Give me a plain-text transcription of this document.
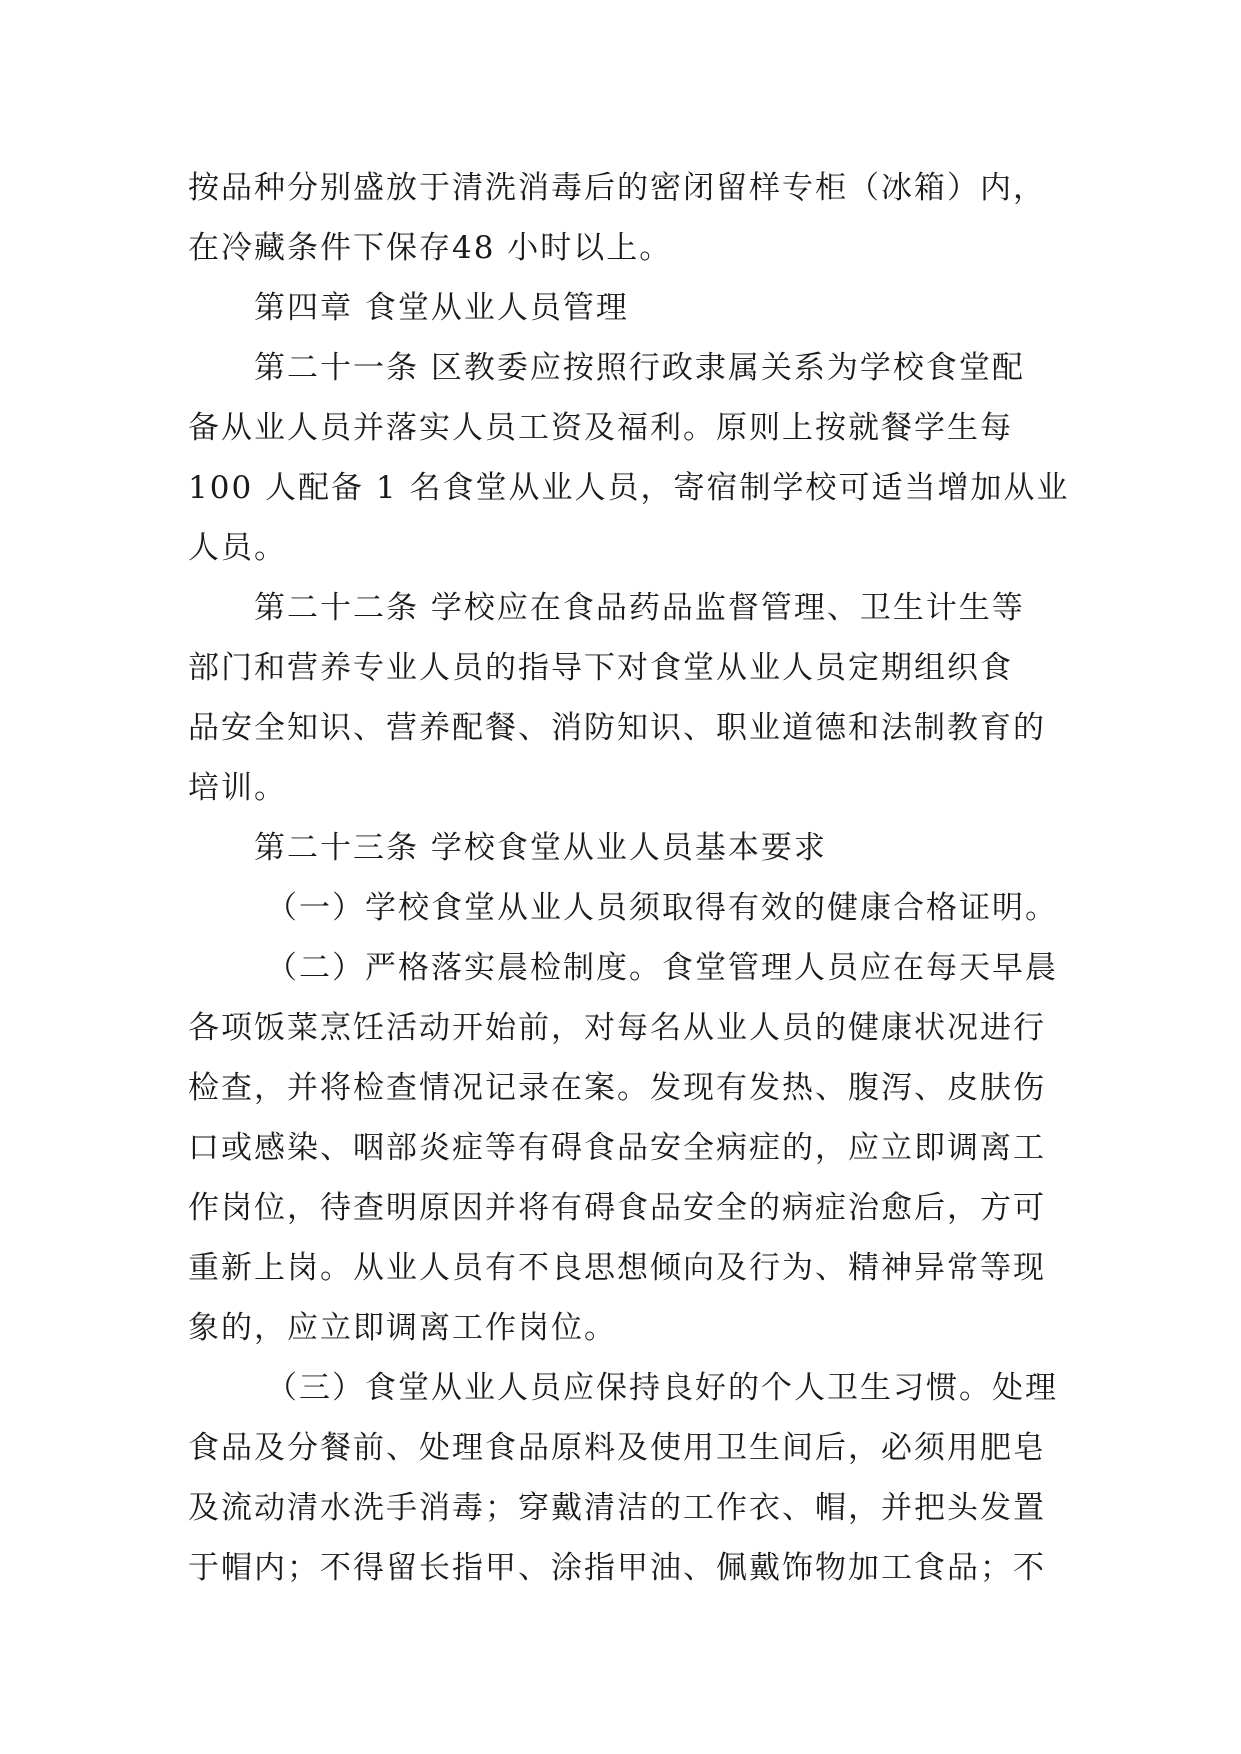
按品种分别盛放于清洗消毒后的密闭留样专柜（冰箱）内，
在冷藏条件下保存48 小时以上。
第四章 食堂从业人员管理
第二十一条 区教委应按照行政隶属关系为学校食堂配
备从业人员并落实人员工资及福利。原则上按就餐学生每
100 人配备 1 名食堂从业人员，寄宿制学校可适当增加从业
人员。
第二十二条 学校应在食品药品监督管理、卫生计生等
部门和营养专业人员的指导下对食堂从业人员定期组织食
品安全知识、营养配餐、消防知识、职业道德和法制教育的
培训。
第二十三条 学校食堂从业人员基本要求
（一）学校食堂从业人员须取得有效的健康合格证明。
（二）严格落实晨检制度。食堂管理人员应在每天早晨
各项饭菜烹饪活动开始前，对每名从业人员的健康状况进行
检查，并将检查情况记录在案。发现有发热、腹泻、皮肤伤
口或感染、咽部炎症等有碍食品安全病症的，应立即调离工
作岗位，待查明原因并将有碍食品安全的病症治愈后，方可
重新上岗。从业人员有不良思想倾向及行为、精神异常等现
象的，应立即调离工作岗位。
（三）食堂从业人员应保持良好的个人卫生习惯。处理
食品及分餐前、处理食品原料及使用卫生间后，必须用肥皂
及流动清水洗手消毒；穿戴清洁的工作衣、帽，并把头发置
于帽内；不得留长指甲、涂指甲油、佩戴饰物加工食品；不
